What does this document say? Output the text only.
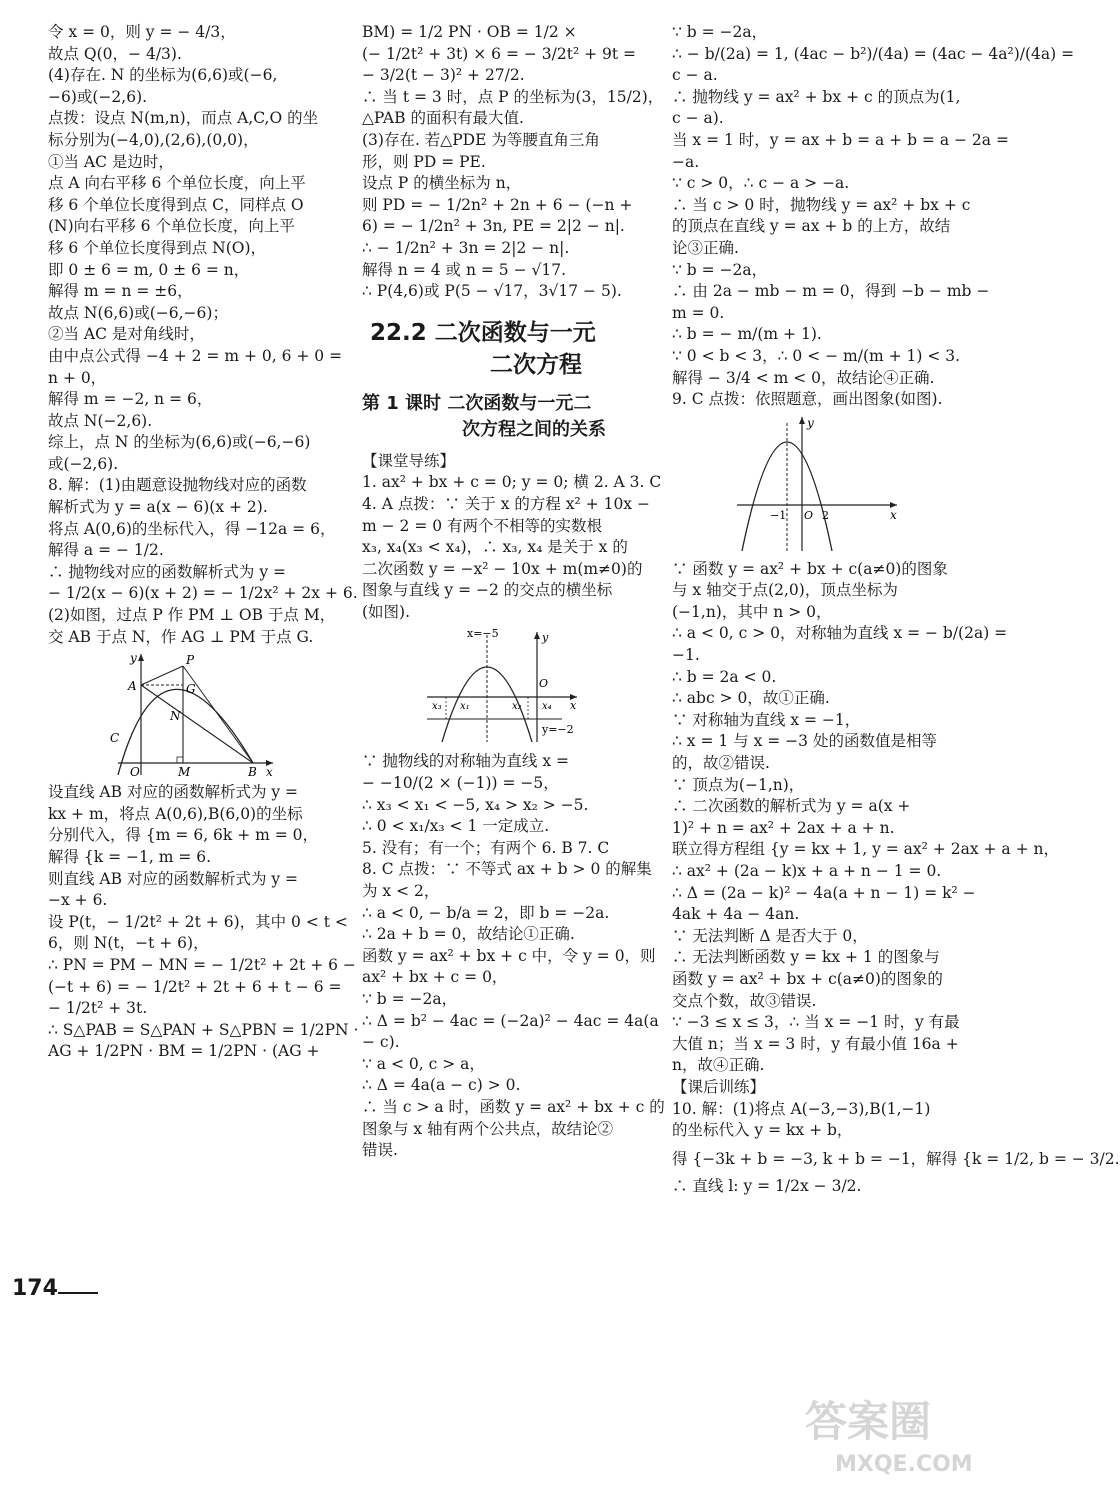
令 x = 0，则 y = − 4/3，
故点 Q(0，− 4/3).
(4)存在. N 的坐标为(6,6)或(−6,
−6)或(−2,6).
点拨：设点 N(m,n)，而点 A,C,O 的坐
标分别为(−4,0),(2,6),(0,0)，
①当 AC 是边时，
点 A 向右平移 6 个单位长度，向上平
移 6 个单位长度得到点 C，同样点 O
(N)向右平移 6 个单位长度，向上平
移 6 个单位长度得到点 N(O)，
即 0 ± 6 = m, 0 ± 6 = n，
解得 m = n = ±6，
故点 N(6,6)或(−6,−6)；
②当 AC 是对角线时，
由中点公式得 −4 + 2 = m + 0, 6 + 0 =
n + 0，
解得 m = −2, n = 6，
故点 N(−2,6).
综上，点 N 的坐标为(6,6)或(−6,−6)
或(−2,6).
8. 解：(1)由题意设抛物线对应的函数
解析式为 y = a(x − 6)(x + 2).
将点 A(0,6)的坐标代入，得 −12a = 6，
解得 a = − 1/2.
∴ 抛物线对应的函数解析式为 y =
− 1/2(x − 6)(x + 2) = − 1/2x² + 2x + 6.
(2)如图，过点 P 作 PM ⊥ OB 于点 M，
交 AB 于点 N，作 AG ⊥ PM 于点 G.
y	P
A	G
N
C
O	M	B x
设直线 AB 对应的函数解析式为 y =
kx + m，将点 A(0,6),B(6,0)的坐标
分别代入，得 {m = 6, 6k + m = 0，
解得 {k = −1, m = 6.
则直线 AB 对应的函数解析式为 y =
−x + 6.
设 P(t，− 1/2t² + 2t + 6)，其中 0 < t <
6，则 N(t，−t + 6)，
∴ PN = PM − MN = − 1/2t² + 2t + 6 −
(−t + 6) = − 1/2t² + 2t + 6 + t − 6 =
− 1/2t² + 3t.
∴ S△PAB = S△PAN + S△PBN = 1/2PN ·
AG + 1/2PN · BM = 1/2PN · (AG +
BM) = 1/2 PN · OB = 1/2 ×
(− 1/2t² + 3t) × 6 = − 3/2t² + 9t =
− 3/2(t − 3)² + 27/2.
∴ 当 t = 3 时，点 P 的坐标为(3，15/2)，
△PAB 的面积有最大值.
(3)存在. 若△PDE 为等腰直角三角
形，则 PD = PE.
设点 P 的横坐标为 n，
则 PD = − 1/2n² + 2n + 6 − (−n +
6) = − 1/2n² + 3n, PE = 2|2 − n|.
∴ − 1/2n² + 3n = 2|2 − n|.
解得 n = 4 或 n = 5 − √17.
∴ P(4,6)或 P(5 − √17，3√17 − 5).
22.2 二次函数与一元
二次方程
第 1 课时 二次函数与一元二
次方程之间的关系
【课堂导练】
1. ax² + bx + c = 0; y = 0; 横 2. A 3. C
4. A 点拨：∵ 关于 x 的方程 x² + 10x −
m − 2 = 0 有两个不相等的实数根
x₃, x₄(x₃ < x₄)，∴ x₃, x₄ 是关于 x 的
二次函数 y = −x² − 10x + m(m≠0)的
图象与直线 y = −2 的交点的横坐标
(如图).
x=−5	y
O
x₃ x₁	x₂ x₄ x
y=−2
∵ 抛物线的对称轴为直线 x =
− −10/(2 × (−1)) = −5，
∴ x₃ < x₁ < −5, x₄ > x₂ > −5.
∴ 0 < x₁/x₃ < 1 一定成立.
5. 没有；有一个；有两个 6. B 7. C
8. C 点拨：∵ 不等式 ax + b > 0 的解集
为 x < 2，
∴ a < 0, − b/a = 2，即 b = −2a.
∴ 2a + b = 0，故结论①正确.
函数 y = ax² + bx + c 中，令 y = 0，则
ax² + bx + c = 0，
∵ b = −2a，
∴ Δ = b² − 4ac = (−2a)² − 4ac = 4a(a
− c).
∵ a < 0, c > a，
∴ Δ = 4a(a − c) > 0.
∴ 当 c > a 时，函数 y = ax² + bx + c 的
图象与 x 轴有两个公共点，故结论②
错误.
∵ b = −2a，
∴ − b/(2a) = 1, (4ac − b²)/(4a) = (4ac − 4a²)/(4a) =
c − a.
∴ 抛物线 y = ax² + bx + c 的顶点为(1,
c − a).
当 x = 1 时，y = ax + b = a + b = a − 2a =
−a.
∵ c > 0，∴ c − a > −a.
∴ 当 c > 0 时，抛物线 y = ax² + bx + c
的顶点在直线 y = ax + b 的上方，故结
论③正确.
∵ b = −2a，
∴ 由 2a − mb − m = 0，得到 −b − mb −
m = 0.
∴ b = − m/(m + 1).
∵ 0 < b < 3，∴ 0 < − m/(m + 1) < 3.
解得 − 3/4 < m < 0，故结论④正确.
9. C 点拨：依照题意，画出图象(如图).
y
−1 O 2	x
∵ 函数 y = ax² + bx + c(a≠0)的图象
与 x 轴交于点(2,0)，顶点坐标为
(−1,n)，其中 n > 0，
∴ a < 0, c > 0，对称轴为直线 x = − b/(2a) =
−1.
∴ b = 2a < 0.
∴ abc > 0，故①正确.
∵ 对称轴为直线 x = −1，
∴ x = 1 与 x = −3 处的函数值是相等
的，故②错误.
∵ 顶点为(−1,n)，
∴ 二次函数的解析式为 y = a(x +
1)² + n = ax² + 2ax + a + n.
联立得方程组 {y = kx + 1, y = ax² + 2ax + a + n，
∴ ax² + (2a − k)x + a + n − 1 = 0.
∴ Δ = (2a − k)² − 4a(a + n − 1) = k² −
4ak + 4a − 4an.
∵ 无法判断 Δ 是否大于 0，
∴ 无法判断函数 y = kx + 1 的图象与
函数 y = ax² + bx + c(a≠0)的图象的
交点个数，故③错误.
∵ −3 ≤ x ≤ 3，∴ 当 x = −1 时，y 有最
大值 n；当 x = 3 时，y 有最小值 16a +
n，故④正确.
【课后训练】
10. 解：(1)将点 A(−3,−3),B(1,−1)
的坐标代入 y = kx + b，
得 {−3k + b = −3, k + b = −1，解得 {k = 1/2, b = − 3/2.
∴ 直线 l: y = 1/2x − 3/2.
174
答案圈
MXQE.COM
